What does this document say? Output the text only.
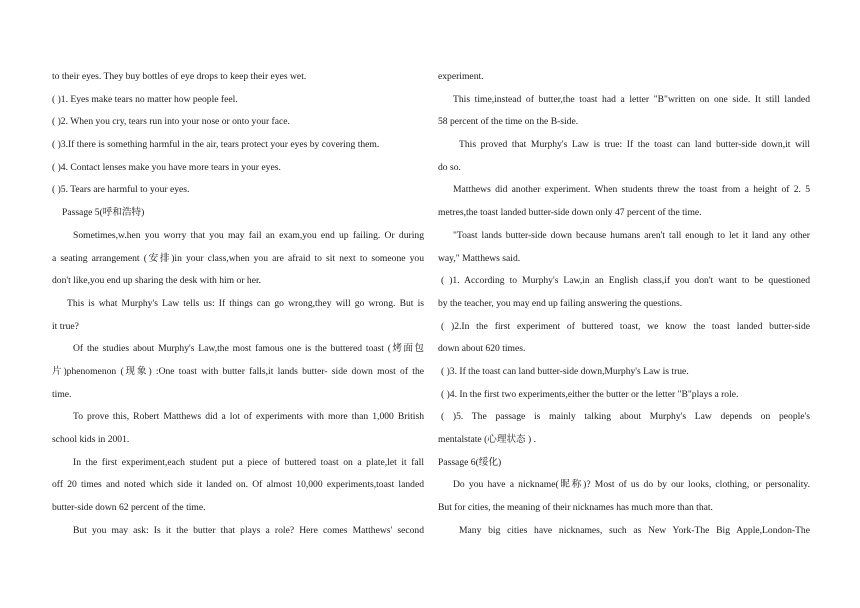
to their eyes. They buy bottles of eye drops to keep their eyes wet.
( )1. Eyes make tears no matter how people feel.
( )2. When you cry, tears run into your nose or onto your face.
( )3.If there is something harmful in the air, tears protect your eyes by covering them.
( )4. Contact lenses make you have more tears in your eyes.
( )5. Tears are harmful to your eyes.
Passage 5(呼和浩特)
Sometimes,w.hen you worry that you may fail an exam,you end up failing. Or during
a seating arrangement (安排)in your class,when you are afraid to sit next to someone you
don't like,you end up sharing the desk with him or her.
This is what Murphy's Law tells us: If things can go wrong,they will go wrong. But is
it true?
Of the studies about Murphy's Law,the most famous one is the buttered toast (烤面包
片)phenomenon (现象) :One toast with butter falls,it lands butter- side down most of the
time.
To prove this, Robert Matthews did a lot of experiments with more than 1,000 British
school kids in 2001.
In the first experiment,each student put a piece of buttered toast on a plate,let it fall
off 20 times and noted which side it landed on. Of almost 10,000 experiments,toast landed
butter-side down 62 percent of the time.
But you may ask: Is it the butter that plays a role? Here comes Matthews' second
experiment.
This time,instead of butter,the toast had a letter "B"written on one side. It still landed
58 percent of the time on the B-side.
This proved that Murphy's Law is true: If the toast can land butter-side down,it will
do so.
Matthews did another experiment. When students threw the toast from a height of 2. 5
metres,the toast landed butter-side down only 47 percent of the time.
"Toast lands butter-side down because humans aren't tall enough to let it land any other
way," Matthews said.
( )1. According to Murphy's Law,in an English class,if you don't want to be questioned
by the teacher, you may end up failing answering the questions.
( )2.In the first experiment of buttered toast, we know the toast landed butter-side
down about 620 times.
( )3. If the toast can land butter-side down,Murphy's Law is true.
( )4. In the first two experiments,either the butter or the letter "B"plays a role.
( )5. The passage is mainly talking about Murphy's Law depends on people's
mentalstate (心理状态 ) .
Passage 6(绥化)
Do you have a nickname(昵称)? Most of us do by our looks, clothing, or personality.
But for cities, the meaning of their nicknames has much more than that.
Many big cities have nicknames, such as New York-The Big Apple,London-The
